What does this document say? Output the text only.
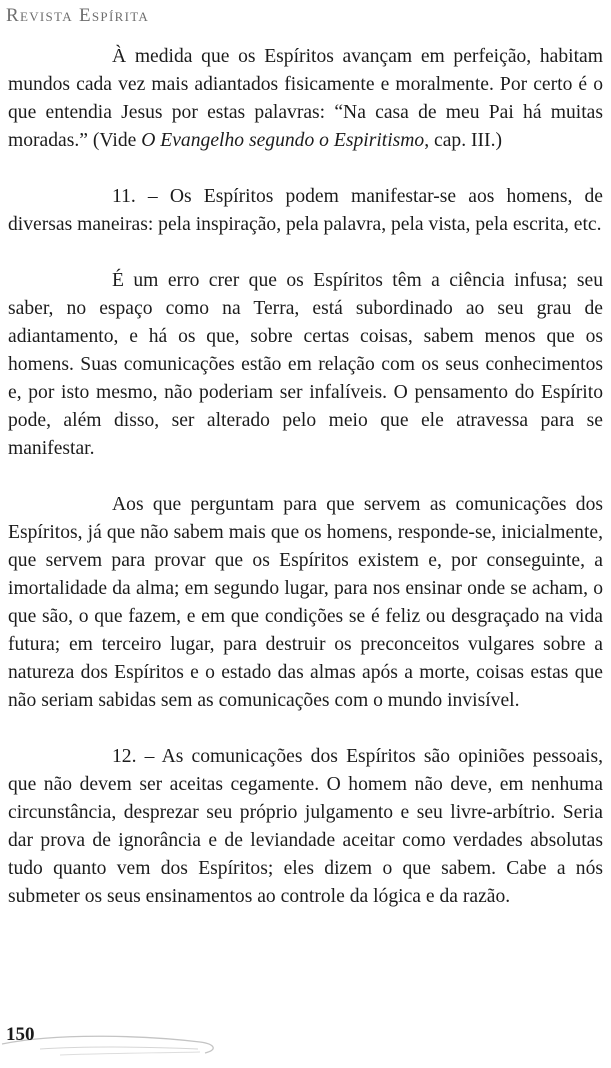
Revista Espírita

À medida que os Espíritos avançam em perfeição, habitam mundos cada vez mais adiantados fisicamente e moralmente. Por certo é o que entendia Jesus por estas palavras: “Na casa de meu Pai há muitas moradas.” (Vide O Evangelho segundo o Espiritismo, cap. III.)

11. – Os Espíritos podem manifestar-se aos homens, de diversas maneiras: pela inspiração, pela palavra, pela vista, pela escrita, etc.

É um erro crer que os Espíritos têm a ciência infusa; seu saber, no espaço como na Terra, está subordinado ao seu grau de adiantamento, e há os que, sobre certas coisas, sabem menos que os homens. Suas comunicações estão em relação com os seus conhecimentos e, por isto mesmo, não poderiam ser infalíveis. O pensamento do Espírito pode, além disso, ser alterado pelo meio que ele atravessa para se manifestar.

Aos que perguntam para que servem as comunicações dos Espíritos, já que não sabem mais que os homens, responde-se, inicialmente, que servem para provar que os Espíritos existem e, por conseguinte, a imortalidade da alma; em segundo lugar, para nos ensinar onde se acham, o que são, o que fazem, e em que condições se é feliz ou desgraçado na vida futura; em terceiro lugar, para destruir os preconceitos vulgares sobre a natureza dos Espíritos e o estado das almas após a morte, coisas estas que não seriam sabidas sem as comunicações com o mundo invisível.

12. – As comunicações dos Espíritos são opiniões pessoais, que não devem ser aceitas cegamente. O homem não deve, em nenhuma circunstância, desprezar seu próprio julgamento e seu livre-arbítrio. Seria dar prova de ignorância e de leviandade aceitar como verdades absolutas tudo quanto vem dos Espíritos; eles dizem o que sabem. Cabe a nós submeter os seus ensinamentos ao controle da lógica e da razão.

150
